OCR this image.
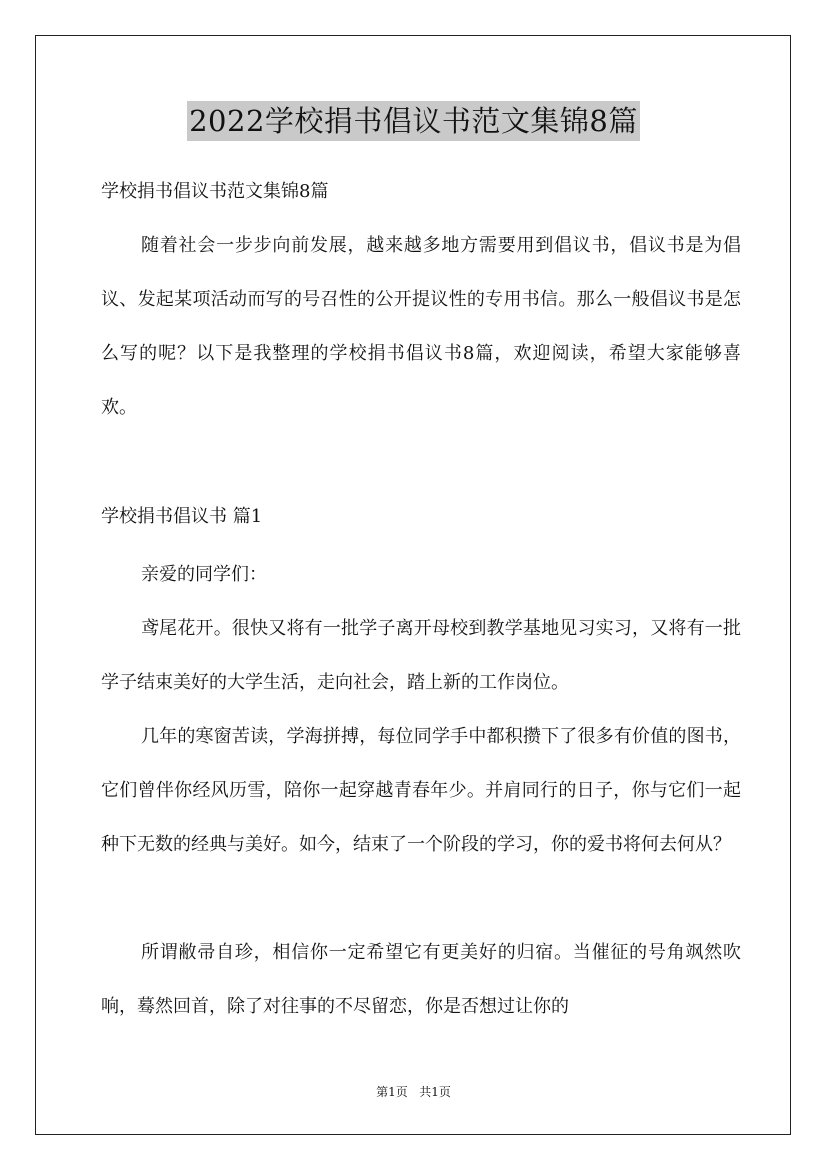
2022学校捐书倡议书范文集锦8篇
学校捐书倡议书范文集锦8篇
随着社会一步步向前发展，越来越多地方需要用到倡议书，倡议书是为倡议、发起某项活动而写的号召性的公开提议性的专用书信。那么一般倡议书是怎么写的呢？以下是我整理的学校捐书倡议书8篇，欢迎阅读，希望大家能够喜欢。
学校捐书倡议书 篇1
亲爱的同学们：
鸢尾花开。很快又将有一批学子离开母校到教学基地见习实习，又将有一批学子结束美好的大学生活，走向社会，踏上新的工作岗位。
几年的寒窗苦读，学海拼搏，每位同学手中都积攒下了很多有价值的图书，它们曾伴你经风历雪，陪你一起穿越青春年少。并肩同行的日子，你与它们一起种下无数的经典与美好。如今，结束了一个阶段的学习，你的爱书将何去何从？
所谓敝帚自珍，相信你一定希望它有更美好的归宿。当催征的号角飒然吹响，蓦然回首，除了对往事的不尽留恋，你是否想过让你的
第1页 共1页
